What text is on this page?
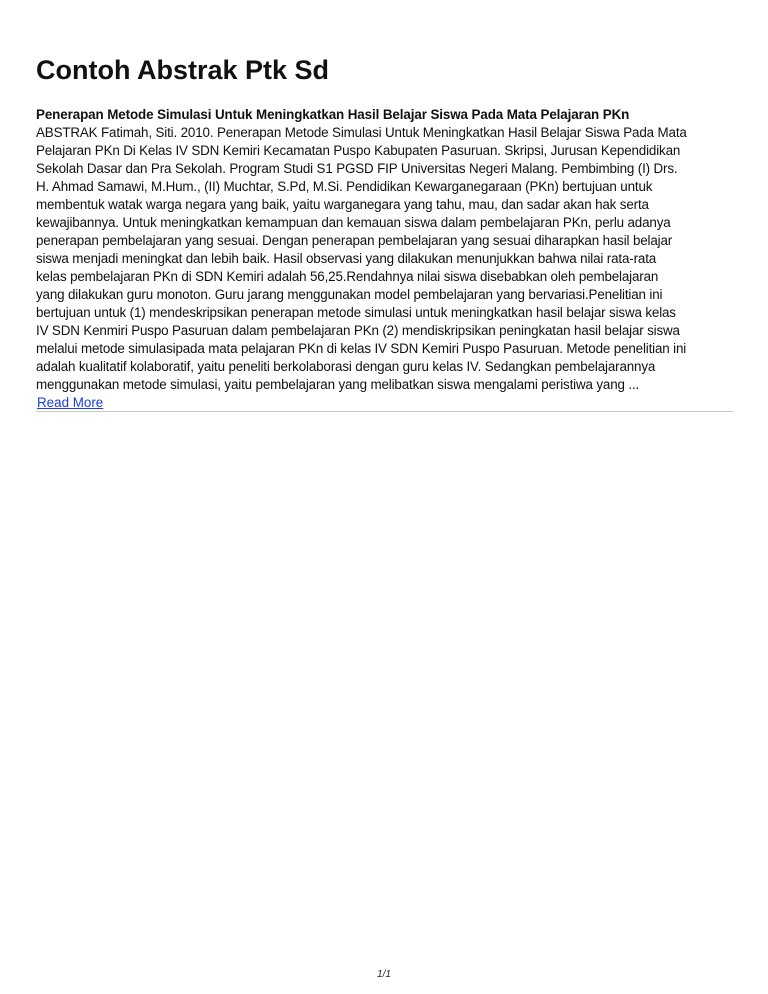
Contoh Abstrak Ptk Sd
Penerapan Metode Simulasi Untuk Meningkatkan Hasil Belajar Siswa Pada Mata Pelajaran PKn

ABSTRAK Fatimah, Siti. 2010. Penerapan Metode Simulasi Untuk Meningkatkan Hasil Belajar Siswa Pada Mata
Pelajaran PKn Di Kelas IV SDN Kemiri Kecamatan Puspo Kabupaten Pasuruan. Skripsi, Jurusan Kependidikan
Sekolah Dasar dan Pra Sekolah. Program Studi S1 PGSD FIP Universitas Negeri Malang. Pembimbing (I) Drs.
H. Ahmad Samawi, M.Hum., (II) Muchtar, S.Pd, M.Si. Pendidikan Kewarganegaraan (PKn) bertujuan untuk
membentuk watak warga negara yang baik, yaitu warganegara yang tahu, mau, dan sadar akan hak serta
kewajibannya. Untuk meningkatkan kemampuan dan kemauan siswa dalam pembelajaran PKn, perlu adanya
penerapan pembelajaran yang sesuai. Dengan penerapan pembelajaran yang sesuai diharapkan hasil belajar
siswa menjadi meningkat dan lebih baik. Hasil observasi yang dilakukan menunjukkan bahwa nilai rata-rata
kelas pembelajaran PKn di SDN Kemiri adalah 56,25.Rendahnya nilai siswa disebabkan oleh pembelajaran
yang dilakukan guru monoton. Guru jarang menggunakan model pembelajaran yang bervariasi.Penelitian ini
bertujuan untuk (1) mendeskripsikan penerapan metode simulasi untuk meningkatkan hasil belajar siswa kelas
IV SDN Kenmiri Puspo Pasuruan dalam pembelajaran PKn (2) mendiskripsikan peningkatan hasil belajar siswa
melalui metode simulasipada mata pelajaran PKn di kelas IV SDN Kemiri Puspo Pasuruan. Metode penelitian ini
adalah kualitatif kolaboratif, yaitu peneliti berkolaborasi dengan guru kelas IV. Sedangkan pembelajarannya
menggunakan metode simulasi, yaitu pembelajaran yang melibatkan siswa mengalami peristiwa yang ...

Read More
1/1
